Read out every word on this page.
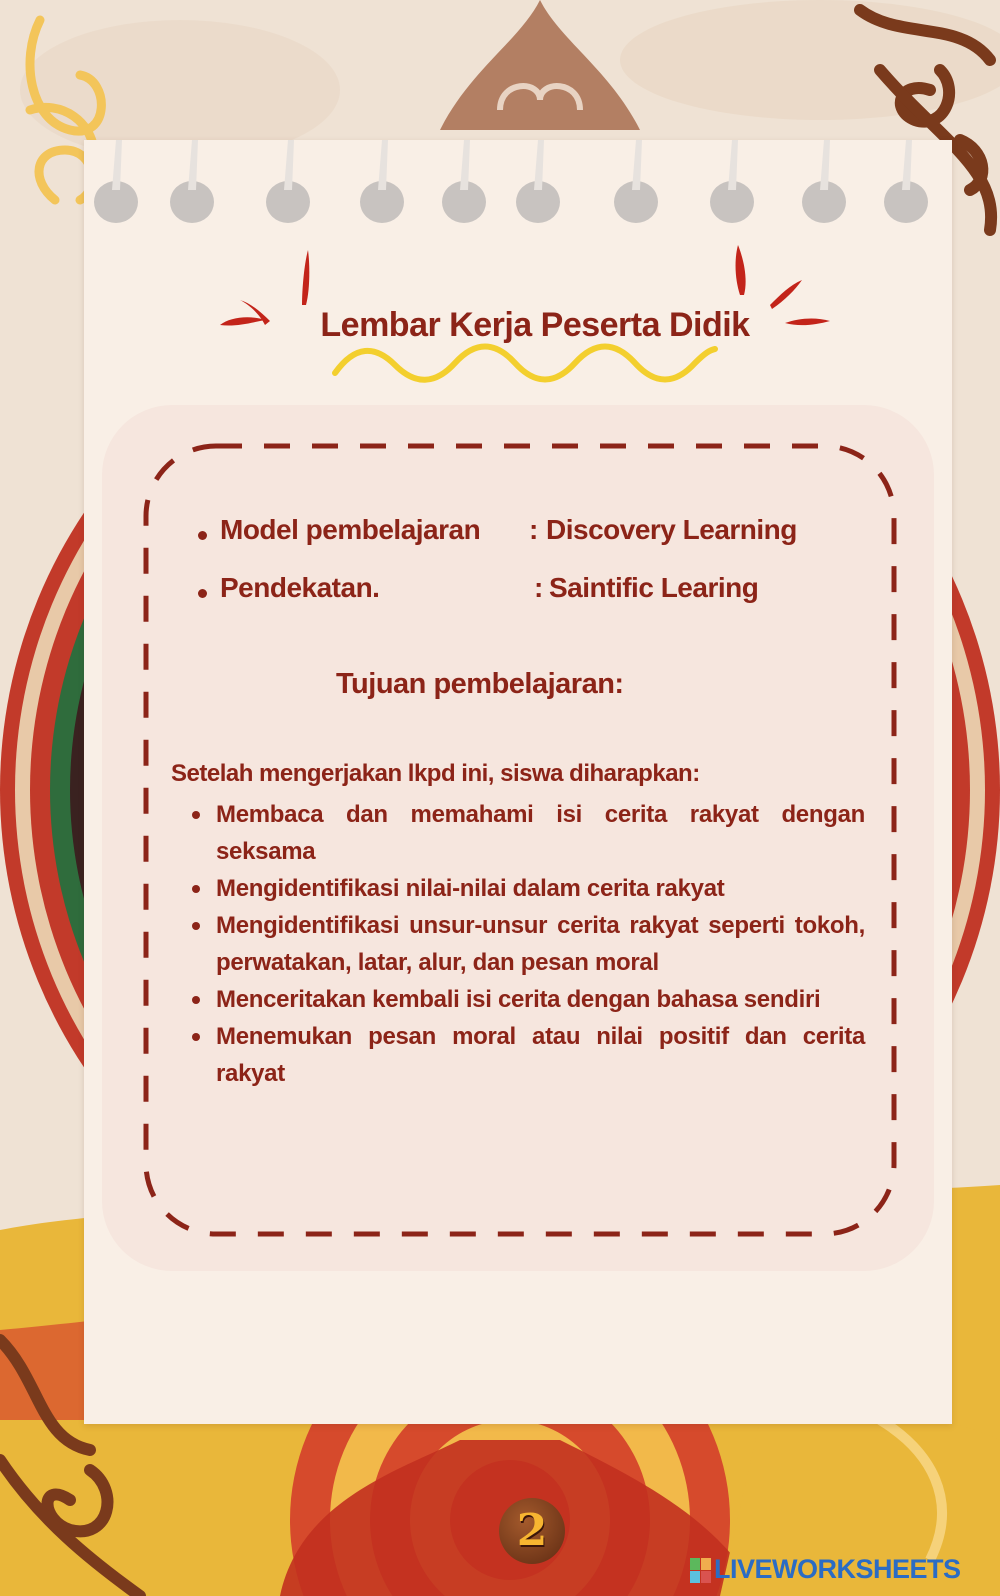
Lembar Kerja Peserta Didik
Model pembelajaran : Discovery Learning
Pendekatan.	: Saintific Learing
Tujuan pembelajaran:
Setelah mengerjakan lkpd ini, siswa diharapkan:
Membaca dan memahami isi cerita rakyat dengan seksama
Mengidentifikasi nilai-nilai dalam cerita rakyat
Mengidentifikasi unsur-unsur cerita rakyat seperti tokoh, perwatakan, latar, alur, dan pesan moral
Menceritakan kembali isi cerita dengan bahasa sendiri
Menemukan pesan moral atau nilai positif dan cerita rakyat
2
LIVEWORKSHEETS
